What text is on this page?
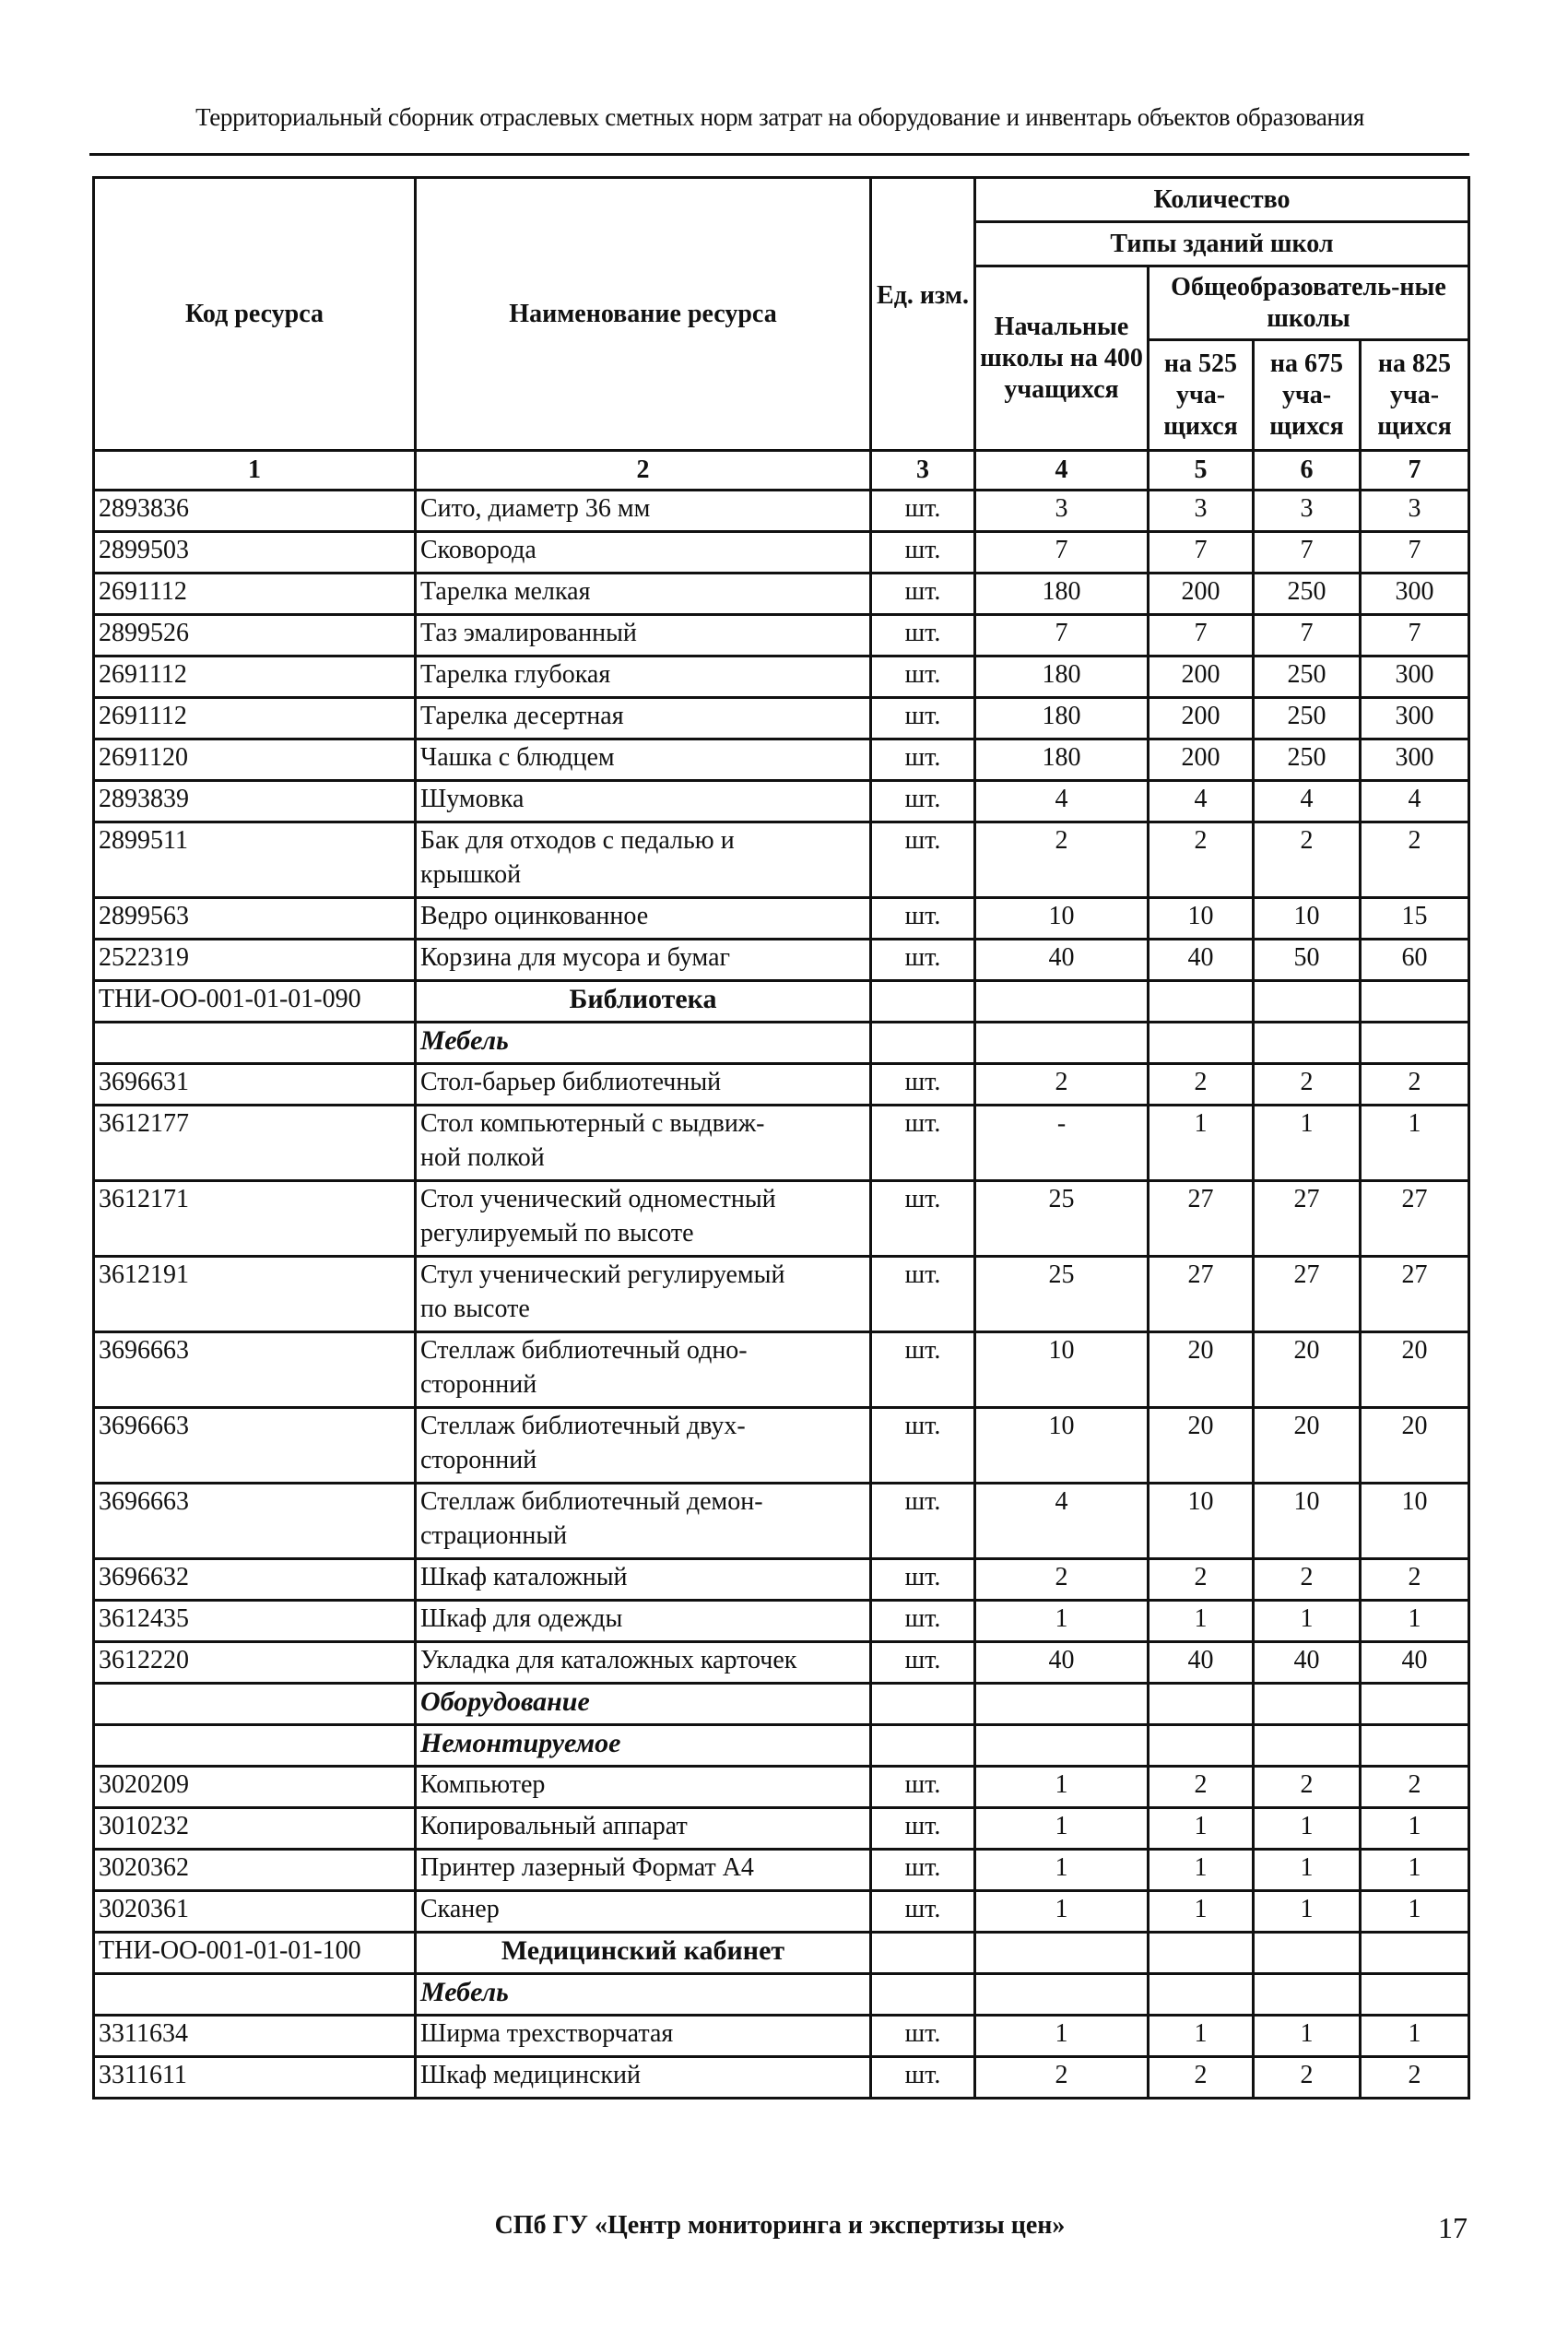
Территориальный сборник отраслевых сметных норм затрат на оборудование и инвентарь объектов образования
Код ресурса	Наименование ресурса	Ед. изм.	Количество			
			Типы зданий школ			
			Начальные школы на 400 учащихся	Общеобразователь-ные школы		
				на 525 уча-щихся	на 675 уча-щихся	на 825 уча-щихся
1	2	3	4	5	6	7
2893836	Сито, диаметр 36 мм	шт.	3	3	3	3
2899503	Сковорода	шт.	7	7	7	7
2691112	Тарелка мелкая	шт.	180	200	250	300
2899526	Таз эмалированный	шт.	7	7	7	7
2691112	Тарелка глубокая	шт.	180	200	250	300
2691112	Тарелка десертная	шт.	180	200	250	300
2691120	Чашка с блюдцем	шт.	180	200	250	300
2893839	Шумовка	шт.	4	4	4	4
2899511	Бак для отходов с педалью и
крышкой	шт.	2	2	2	2
2899563	Ведро оцинкованное	шт.	10	10	10	15
2522319	Корзина для мусора и бумаг	шт.	40	40	50	60
ТНИ-ОО-001-01-01-090	Библиотека					
	Мебель					
3696631	Стол-барьер библиотечный	шт.	2	2	2	2
3612177	Стол компьютерный с выдвиж-
ной полкой	шт.	-	1	1	1
3612171	Стол ученический одноместный
регулируемый по высоте	шт.	25	27	27	27
3612191	Стул ученический регулируемый
по высоте	шт.	25	27	27	27
3696663	Стеллаж библиотечный одно-
сторонний	шт.	10	20	20	20
3696663	Стеллаж библиотечный двух-
сторонний	шт.	10	20	20	20
3696663	Стеллаж библиотечный демон-
страционный	шт.	4	10	10	10
3696632	Шкаф каталожный	шт.	2	2	2	2
3612435	Шкаф для одежды	шт.	1	1	1	1
3612220	Укладка для каталожных карточек	шт.	40	40	40	40
	Оборудование					
	Немонтируемое					
3020209	Компьютер	шт.	1	2	2	2
3010232	Копировальный аппарат	шт.	1	1	1	1
3020362	Принтер лазерный Формат А4	шт.	1	1	1	1
3020361	Сканер	шт.	1	1	1	1
ТНИ-ОО-001-01-01-100	Медицинский кабинет					
	Мебель					
3311634	Ширма трехстворчатая	шт.	1	1	1	1
3311611	Шкаф медицинский	шт.	2	2	2	2
СПб ГУ «Центр мониторинга и экспертизы цен»	17
